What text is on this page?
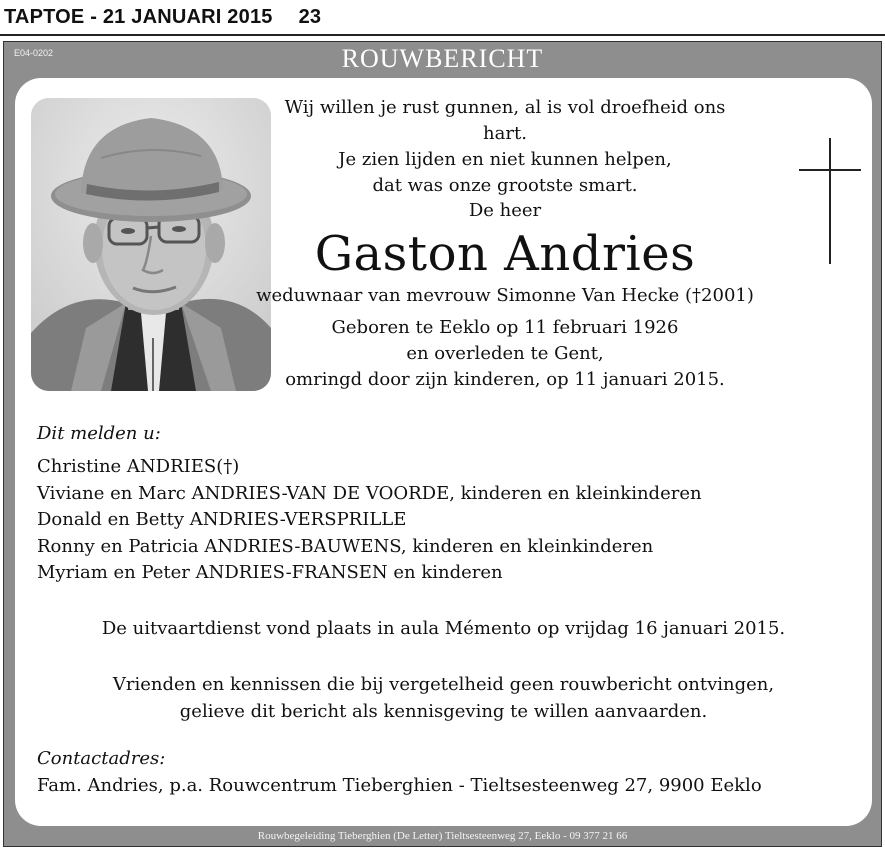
TAPTOE - 21 JANUARI 2015 23
E04-0202	ROUWBERICHT
Wij willen je rust gunnen, al is vol droefheid ons hart.
Je zien lijden en niet kunnen helpen,
dat was onze grootste smart.
De heer
Gaston Andries
weduwnaar van mevrouw Simonne Van Hecke (†2001)
Geboren te Eeklo op 11 februari 1926
en overleden te Gent,
omringd door zijn kinderen, op 11 januari 2015.
Dit melden u:
Christine ANDRIES(†)
Viviane en Marc ANDRIES-VAN DE VOORDE, kinderen en kleinkinderen
Donald en Betty ANDRIES-VERSPRILLE
Ronny en Patricia ANDRIES-BAUWENS, kinderen en kleinkinderen
Myriam en Peter ANDRIES-FRANSEN en kinderen
De uitvaartdienst vond plaats in aula Mémento op vrijdag 16 januari 2015.
Vrienden en kennissen die bij vergetelheid geen rouwbericht ontvingen,
gelieve dit bericht als kennisgeving te willen aanvaarden.
Contactadres:
Fam. Andries, p.a. Rouwcentrum Tieberghien - Tieltsesteenweg 27, 9900 Eeklo
Rouwbegeleiding Tieberghien (De Letter) Tieltsesteenweg 27, Eeklo - 09 377 21 66
